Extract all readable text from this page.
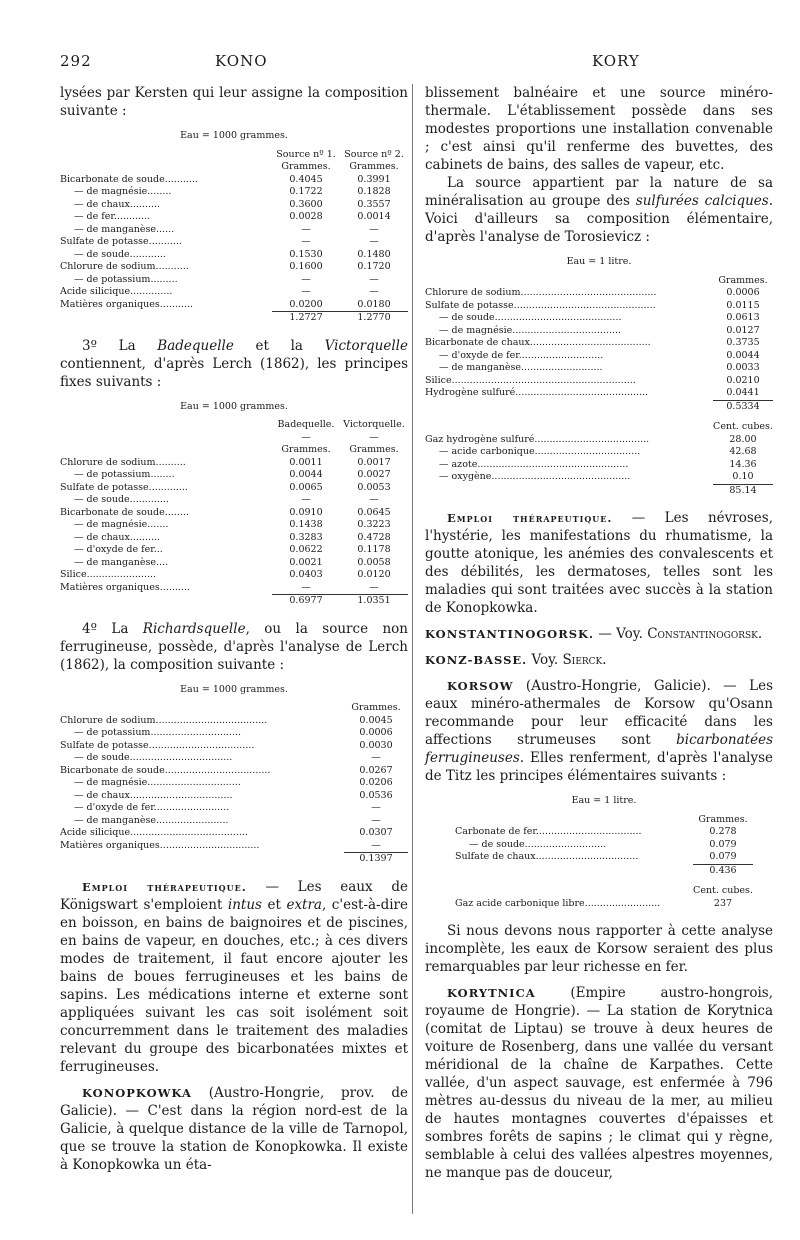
292	KONO	KORY

lysées par Kersten qui leur assigne la composition suivante :

Eau = 1000 grammes.
Source nº 1. Source nº 2.
Grammes.	Grammes.
Bicarbonate de soude...........	0.4045	0.3991
— de magnésie........	0.1722	0.1828
— de chaux..........	0.3600	0.3557
— de fer............	0.0028	0.0014
— de manganèse......	—	—
Sulfate de potasse...........	—	—
— de soude............	0.1530	0.1480
Chlorure de sodium...........	0.1600	0.1720
— de potassium.........	—	—
Acide silicique..............	—	—
Matières organiques...........	0.0200	0.0180
1.2727	1.2770

3º La Badequelle et la Victorquelle contiennent, d'après Lerch (1862), les principes fixes suivants :

Eau = 1000 grammes.
Badequelle. Victorquelle.
—	—
Grammes.	Grammes.
Chlorure de sodium..........	0.0011	0.0017
— de potassium........	0.0044	0.0027
Sulfate de potasse.............	0.0065	0.0053
— de soude.............	—	—
Bicarbonate de soude........	0.0910	0.0645
— de magnésie.......	0.1438	0.3223
— de chaux..........	0.3283	0.4728
— d'oxyde de fer...	0.0622	0.1178
— de manganèse....	0.0021	0.0058
Silice.......................	0.0403	0.0120
Matières organiques..........	—	—
0.6977	1.0351

4º La Richardsquelle, ou la source non ferrugineuse, possède, d'après l'analyse de Lerch (1862), la composition suivante :

Eau = 1000 grammes.
Grammes.
Chlorure de sodium.....................................	0.0045
— de potassium..............................	0.0006
Sulfate de potasse...................................	0.0030
— de soude..................................	—
Bicarbonate de soude...................................	0.0267
— de magnésie...............................	0.0206
— de chaux..................................	0.0536
— d'oxyde de fer.........................	—
— de manganèse........................	—
Acide silicique.......................................	0.0307
Matières organiques.................................	—
0.1397

Emploi thérapeutique. — Les eaux de Königswart s'emploient intus et extra, c'est-à-dire en boisson, en bains de baignoires et de piscines, en bains de vapeur, en douches, etc.; à ces divers modes de traitement, il faut encore ajouter les bains de boues ferrugineuses et les bains de sapins. Les médications interne et externe sont appliquées suivant les cas soit isolément soit concurremment dans le traitement des maladies relevant du groupe des bicarbonatées mixtes et ferrugineuses.

KONOPKOWKA (Austro-Hongrie, prov. de Galicie). — C'est dans la région nord-est de la Galicie, à quelque distance de la ville de Tarnopol, que se trouve la station de Konopkowka. Il existe à Konopkowka un éta-

blissement balnéaire et une source minéro-thermale. L'établissement possède dans ses modestes proportions une installation convenable ; c'est ainsi qu'il renferme des buvettes, des cabinets de bains, des salles de vapeur, etc.

La source appartient par la nature de sa minéralisation au groupe des sulfurées calciques. Voici d'ailleurs sa composition élémentaire, d'après l'analyse de Torosievicz :

Eau = 1 litre.
Grammes.
Chlorure de sodium.............................................	0.0006
Sulfate de potasse...............................................	0.0115
— de soude..........................................	0.0613
— de magnésie....................................	0.0127
Bicarbonate de chaux........................................	0.3735
— d'oxyde de fer............................	0.0044
— de manganèse...........................	0.0033
Silice.............................................................	0.0210
Hydrogène sulfuré............................................	0.0441
0.5334
Cent. cubes.
Gaz hydrogène sulfuré......................................	28.00
— acide carbonique...................................	42.68
— azote..................................................	14.36
— oxygène..............................................	0.10
85.14

Emploi thérapeutique. — Les névroses, l'hystérie, les manifestations du rhumatisme, la goutte atonique, les anémies des convalescents et des débilités, les dermatoses, telles sont les maladies qui sont traitées avec succès à la station de Konopkowka.

KONSTANTINOGORSK. — Voy. Constantinogorsk.

KONZ-BASSE. Voy. Sierck.

KORSOW (Austro-Hongrie, Galicie). — Les eaux minéro-athermales de Korsow qu'Osann recommande pour leur efficacité dans les affections strumeuses sont bicarbonatées ferrugineuses. Elles renferment, d'après l'analyse de Titz les principes élémentaires suivants :

Eau = 1 litre.
Grammes.
Carbonate de fer...................................	0.278
— de soude...........................	0.079
Sulfate de chaux..................................	0.079
0.436
Cent. cubes.
Gaz acide carbonique libre.........................	237

Si nous devons nous rapporter à cette analyse incomplète, les eaux de Korsow seraient des plus remarquables par leur richesse en fer.

KORYTNICA (Empire austro-hongrois, royaume de Hongrie). — La station de Korytnica (comitat de Liptau) se trouve à deux heures de voiture de Rosenberg, dans une vallée du versant méridional de la chaîne de Karpathes. Cette vallée, d'un aspect sauvage, est enfermée à 796 mètres au-dessus du niveau de la mer, au milieu de hautes montagnes couvertes d'épaisses et sombres forêts de sapins ; le climat qui y règne, semblable à celui des vallées alpestres moyennes, ne manque pas de douceur,
